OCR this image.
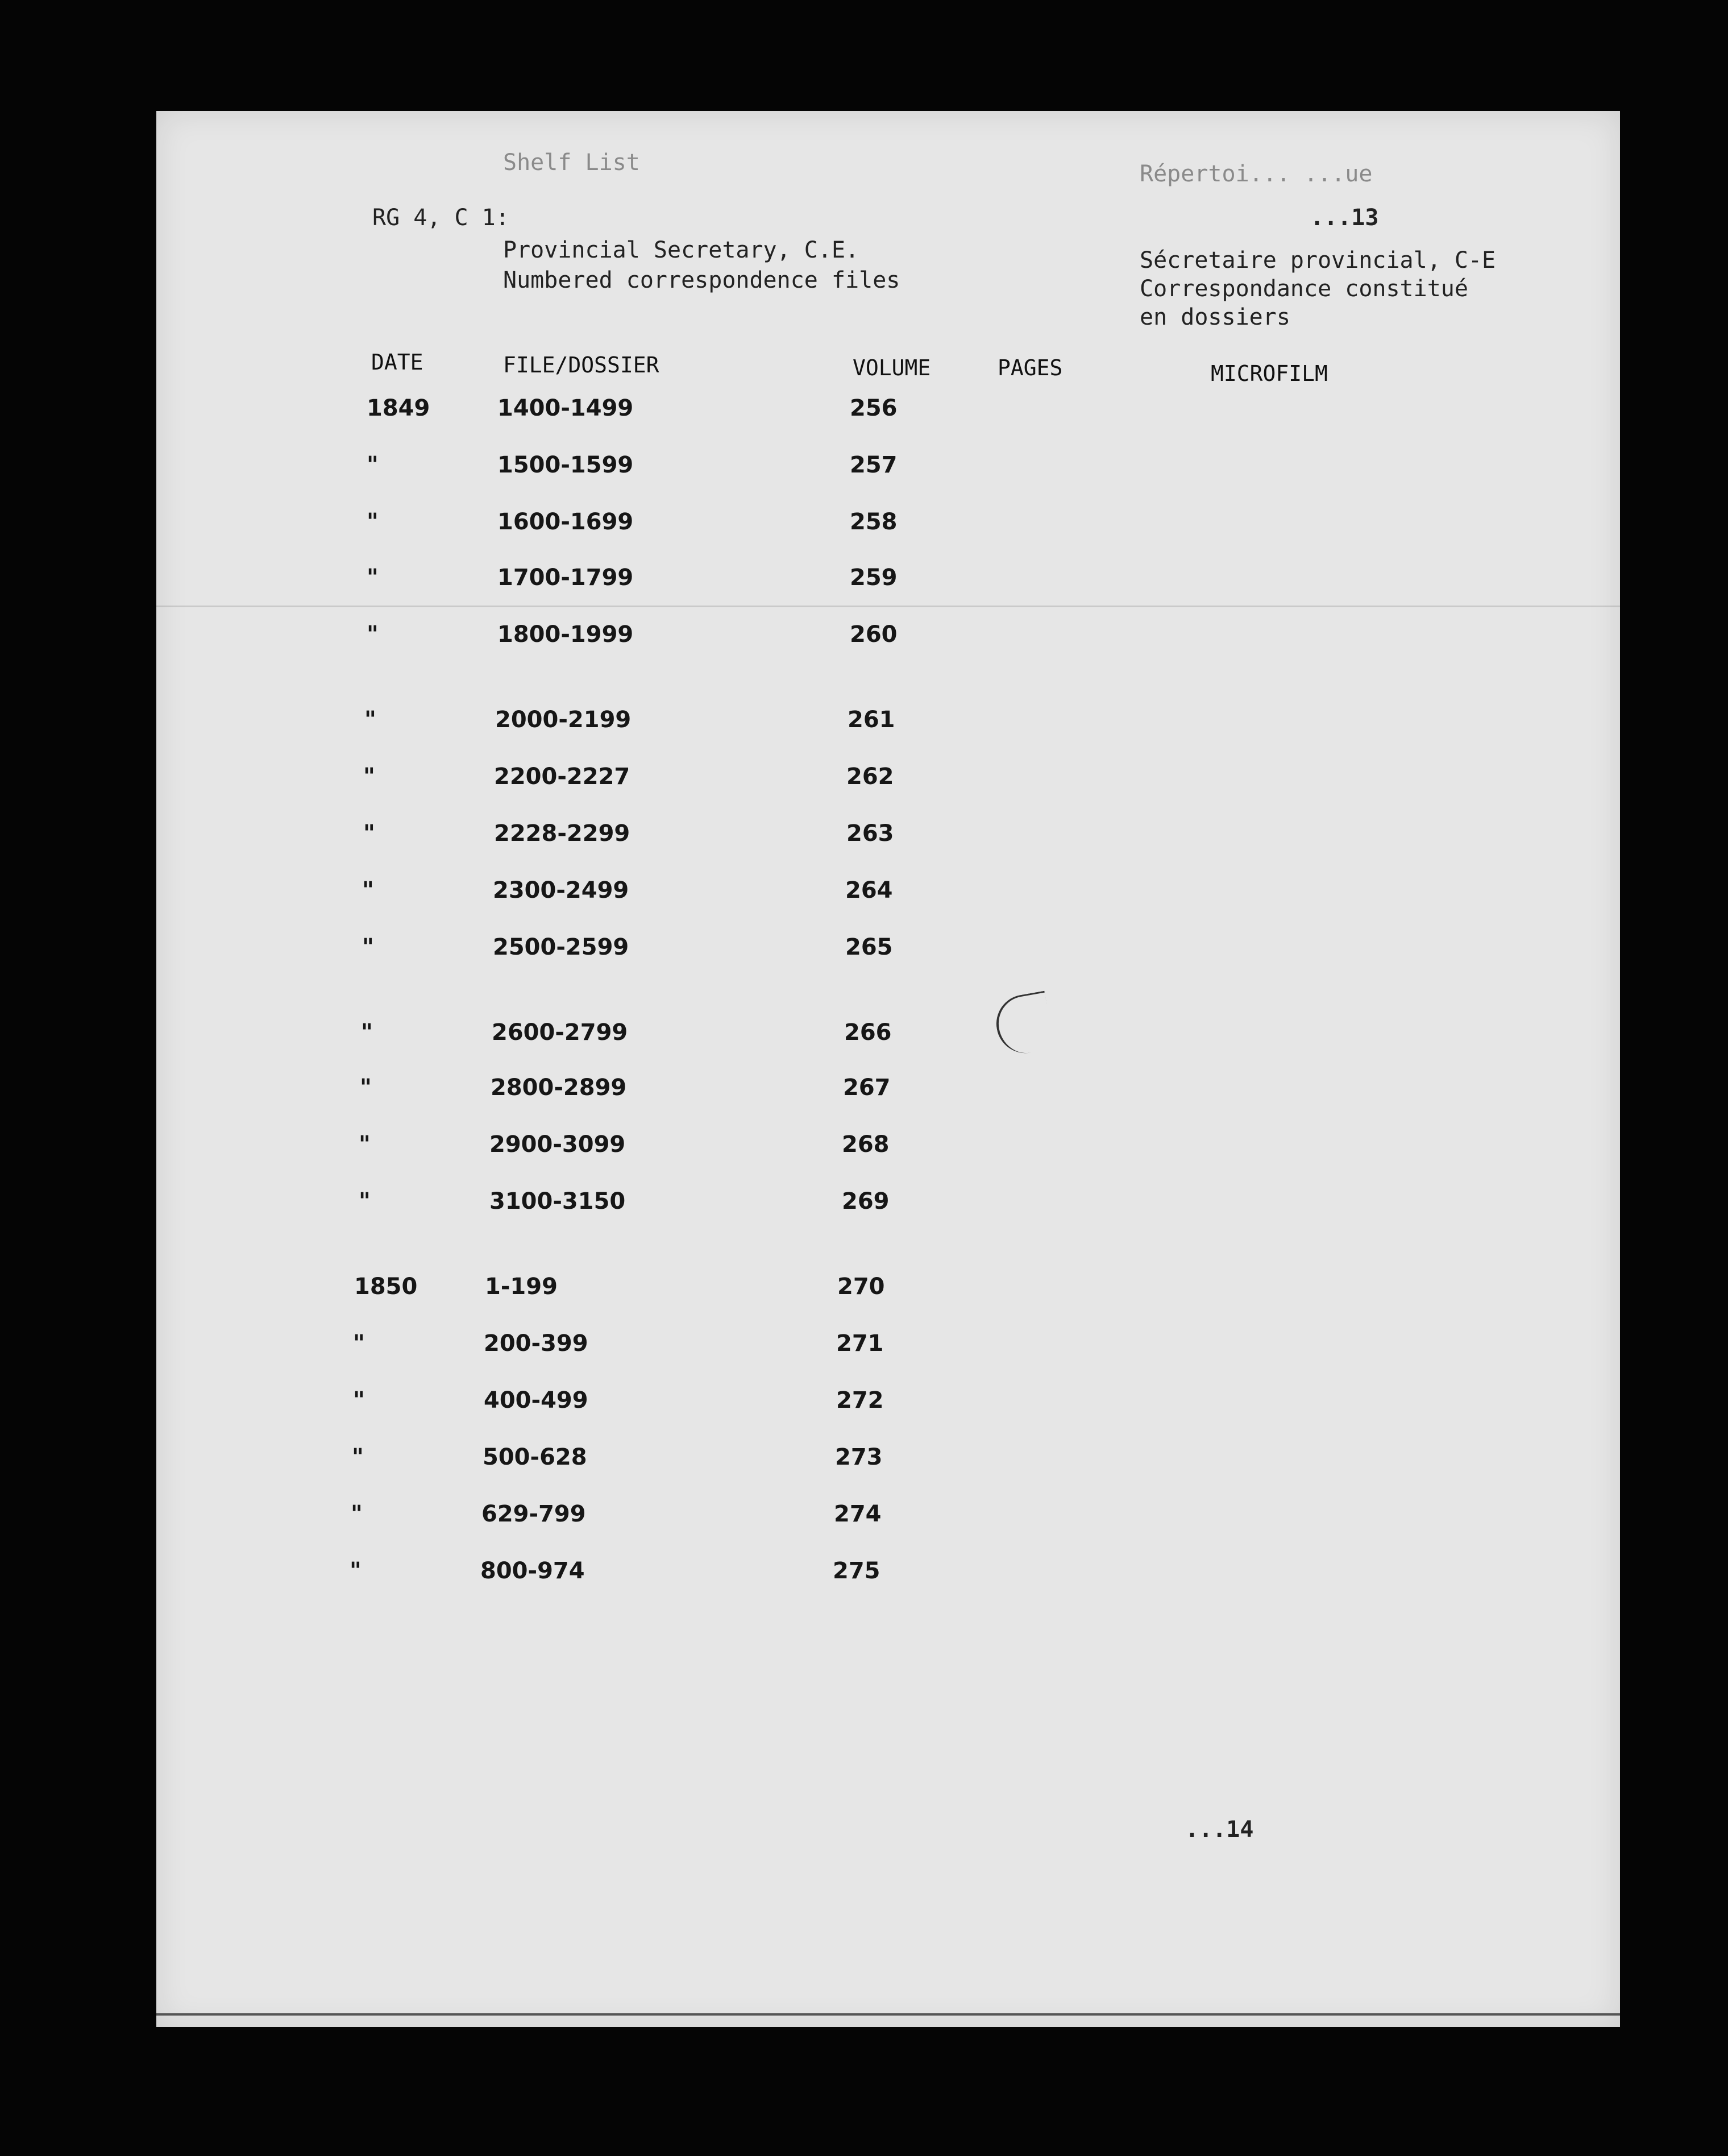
Shelf List	Répertoi... ...ue
RG 4, C 1:	...13
Provincial Secretary, C.E.
Numbered correspondence files
Sécretaire provincial, C-E
Correspondance constitué
en dossiers
DATE	FILE/DOSSIER	VOLUME	PAGES	MICROFILM
1849	1400-1499	256
"	1500-1599	257
"	1600-1699	258
"	1700-1799	259
"	1800-1999	260
"	2000-2199	261
"	2200-2227	262
"	2228-2299	263
"	2300-2499	264
"	2500-2599	265
"	2600-2799	266
"	2800-2899	267
"	2900-3099	268
"	3100-3150	269
1850	1-199	270
"	200-399	271
"	400-499	272
"	500-628	273
"	629-799	274
"	800-974	275
...14
